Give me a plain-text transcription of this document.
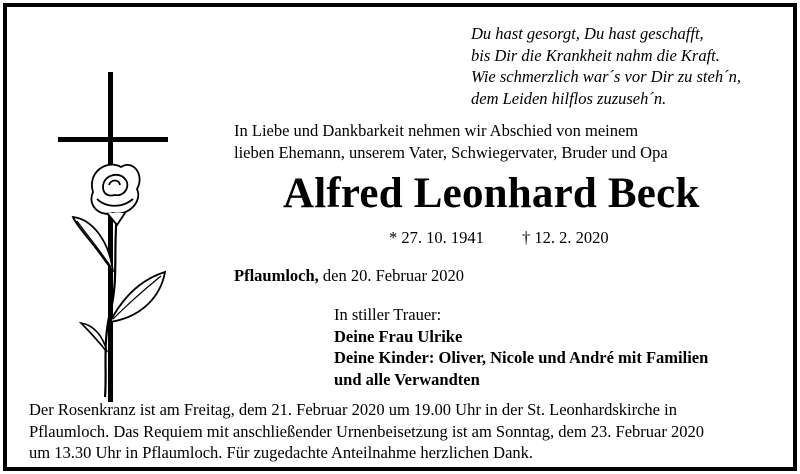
Du hast gesorgt, Du hast geschafft,
bis Dir die Krankheit nahm die Kraft.
Wie schmerzlich war´s vor Dir zu steh´n,
dem Leiden hilflos zuzuseh´n.
In Liebe und Dankbarkeit nehmen wir Abschied von meinem
lieben Ehemann, unserem Vater, Schwiegervater, Bruder und Opa
Alfred Leonhard Beck
* 27. 10. 1941 † 12. 2. 2020
Pflaumloch, den 20. Februar 2020
In stiller Trauer:
Deine Frau Ulrike
Deine Kinder: Oliver, Nicole und André mit Familien
und alle Verwandten
Der Rosenkranz ist am Freitag, dem 21. Februar 2020 um 19.00 Uhr in der St. Leonhardskirche in
Pflaumloch. Das Requiem mit anschließender Urnenbeisetzung ist am Sonntag, dem 23. Februar 2020
um 13.30 Uhr in Pflaumloch. Für zugedachte Anteilnahme herzlichen Dank.
